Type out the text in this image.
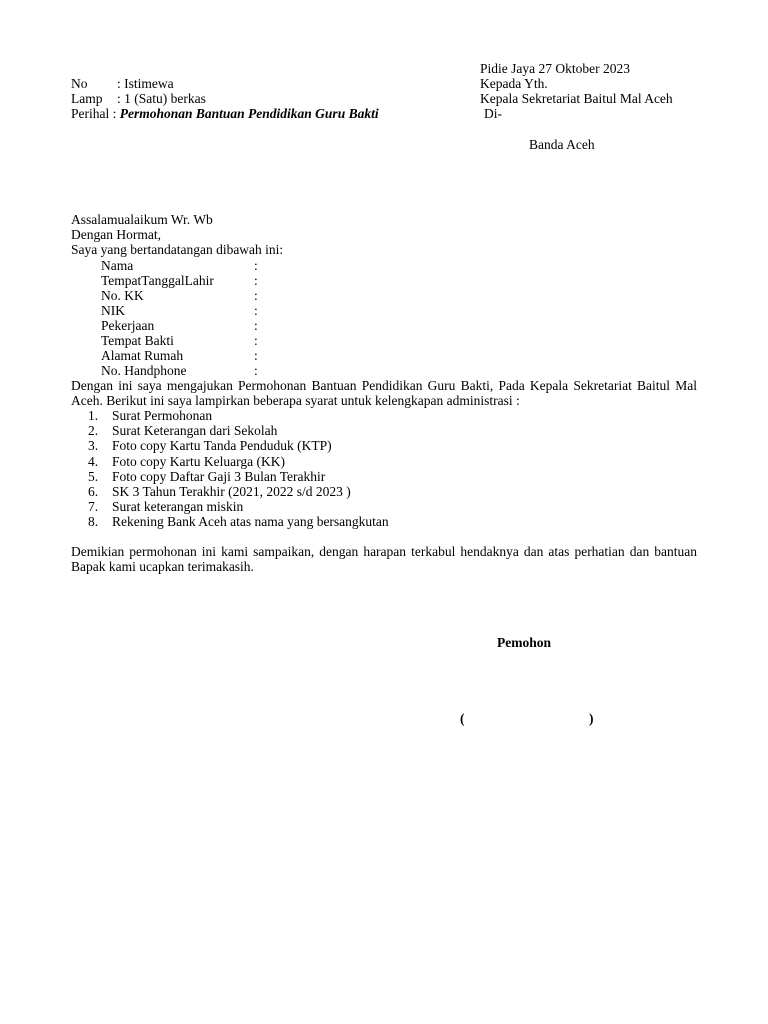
Pidie Jaya 27 Oktober 2023
No : Istimewa
Lamp : 1 (Satu) berkas
Perihal : Permohonan Bantuan Pendidikan Guru Bakti
Kepada Yth.
Kepala Sekretariat Baitul Mal Aceh
Di-
Banda Aceh
Assalamualaikum Wr. Wb
Dengan Hormat,
Saya yang bertandatangan dibawah ini:
Nama	:
TempatTanggalLahir	:
No. KK	:
NIK	:
Pekerjaan	:
Tempat Bakti	:
Alamat Rumah	:
No. Handphone	:
Dengan ini saya mengajukan Permohonan Bantuan Pendidikan Guru Bakti, Pada Kepala Sekretariat Baitul Mal Aceh. Berikut ini saya lampirkan beberapa syarat untuk kelengkapan administrasi :
1. Surat Permohonan
2. Surat Keterangan dari Sekolah
3. Foto copy Kartu Tanda Penduduk (KTP)
4. Foto copy Kartu Keluarga (KK)
5. Foto copy Daftar Gaji 3 Bulan Terakhir
6. SK 3 Tahun Terakhir (2021, 2022 s/d 2023 )
7. Surat keterangan miskin
8. Rekening Bank Aceh atas nama yang bersangkutan
Demikian permohonan ini kami sampaikan, dengan harapan terkabul hendaknya dan atas perhatian dan bantuan Bapak kami ucapkan terimakasih.
Pemohon
(	)
